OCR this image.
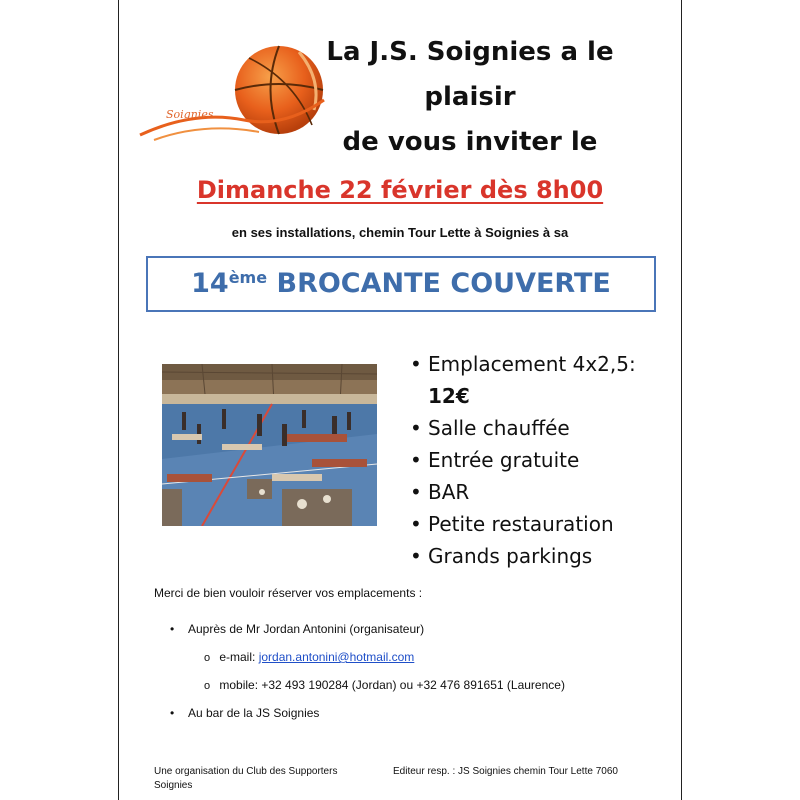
Soignies
La J.S. Soignies a le plaisir
de vous inviter le
Dimanche 22 février dès 8h00
en ses installations, chemin Tour Lette à Soignies à sa
14ème BROCANTE COUVERTE
• Emplacement 4x2,5:
12€
• Salle chauffée
• Entrée gratuite
• BAR
• Petite restauration
• Grands parkings
Merci de bien vouloir réserver vos emplacements :
• Auprès de Mr Jordan Antonini (organisateur)
o e-mail: jordan.antonini@hotmail.com
o mobile: +32 493 190284 (Jordan) ou +32 476 891651 (Laurence)
• Au bar de la JS Soignies
Une organisation du Club des Supporters
Soignies
Editeur resp. : JS Soignies chemin Tour Lette 7060
